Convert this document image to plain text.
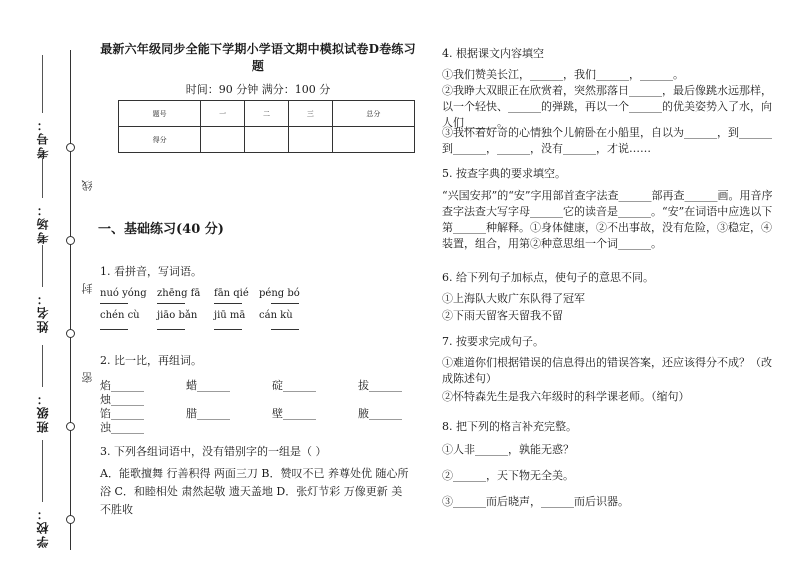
考号：
考场：
姓名：
班级：
学校：
线
封
密
最新六年级同步全能下学期小学语文期中模拟试卷D卷练习题
时间：90 分钟 满分：100 分
题号	一	二	三	总分
得分				
一、基础练习(40 分)
1. 看拼音，写词语。
nuó yóng	zhēng fā	fān qié	péng bó
chén cù	jiāo bǎn	jiū mā	cán kù
2. 比一比，再组词。
焰______	蜡______	碇______	拔______
烛______
馅______	腊______	壁______	腋______
浊______
3. 下列各组词语中，没有错别字的一组是（ ）
A．能歌擅舞 行善积得 两面三刀 B．赞叹不已 养尊处优 随心所浴 C．和睦相处 肃然起敬 遗天盖地 D．张灯节彩 万像更新 美不胜收
4. 根据课文内容填空
①我们赞美长江，______，我们______，______。
②我睁大双眼正在欣赏着，突然那落日______，最后像跳水远那样，以一个轻快、______的弹跳，再以一个______的优美姿势入了水，向人们______。
③我怀着好奇的心情独个儿俯卧在小船里，自以为______，到______到______，______，没有______，才说……
5. 按查字典的要求填空。
“兴国安邦”的“安”字用部首查字法查______部再查______画。用音序查字法查大写字母______它的读音是______。“安”在词语中应选以下第______种解释。①身体健康，②不出事故，没有危险，③稳定，④装置，组合，用第②种意思组一个词______。
6. 给下列句子加标点，使句子的意思不同。
①上海队大败广东队得了冠军
②下雨天留客天留我不留
7. 按要求完成句子。
①难道你们根据错误的信息得出的错误答案，还应该得分不成？（改成陈述句）
②怀特森先生是我六年级时的科学课老师。（缩句）
8. 把下列的格言补充完整。
①人非______，孰能无惑？
②______，天下物无全美。
③______而后晓声，______而后识器。
